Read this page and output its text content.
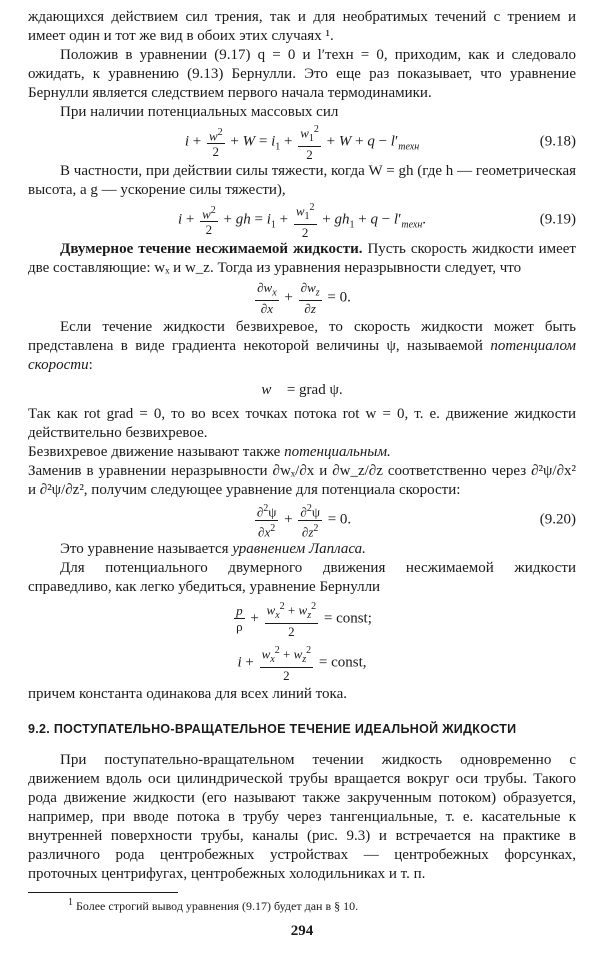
ждающихся действием сил трения, так и для необратимых течений с трением и имеет один и тот же вид в обоих этих случаях ¹.

Положив в уравнении (9.17) q = 0 и l′техн = 0, приходим, как и следовало ожидать, к уравнению (9.13) Бернулли. Это еще раз показывает, что уравнение Бернулли является следствием первого начала термодинамики.

При наличии потенциальных массовых сил

$i + \frac{w^2}{2} + W = i_1 + \frac{w_1^2}{2} + W + q - l'_{техн}$	(9.18)

В частности, при действии силы тяжести, когда W = gh (где h — геометрическая высота, а g — ускорение силы тяжести),

$i + \frac{w^2}{2}$ + gh = $i_1 + \frac{w_1^2}{2} + gh_1 + q - l'_{техн}$.	(9.19)

Двумерное течение несжимаемой жидкости. Пусть скорость жидкости имеет две составляющие: wₓ и w_z. Тогда из уравнения неразрывности следует, что

$\frac{\partial w_x}{\partial x} + \frac{\partial w_z}{\partial z} = 0$.

Если течение жидкости безвихревое, то скорость жидкости может быть представлена в виде градиента некоторой величины ψ, называемой потенциалом скорости:

w⃗ = grad ψ.

Так как rot grad = 0, то во всех точках потока rot w = 0, т. е. движение жидкости действительно безвихревое.

Безвихревое движение называют также потенциальным.

Заменив в уравнении неразрывности ∂wₓ/∂x и ∂w_z/∂z соответственно через ∂²ψ/∂x² и ∂²ψ/∂z², получим следующее уравнение для потенциала скорости:

$\frac{\partial^2\psi}{\partial x^2} + \frac{\partial^2\psi}{\partial z^2} = 0$.	(9.20)

Это уравнение называется уравнением Лапласа.

Для потенциального двумерного движения несжимаемой жидкости справедливо, как легко убедиться, уравнение Бернулли

$\frac{p}{\rho} + \frac{w_x^2 + w_z^2}{2}$ = const;
$i + \frac{w_x^2 + w_z^2}{2}$ = const,

причем константа одинакова для всех линий тока.

9.2. ПОСТУПАТЕЛЬНО-ВРАЩАТЕЛЬНОЕ ТЕЧЕНИЕ ИДЕАЛЬНОЙ ЖИДКОСТИ

При поступательно-вращательном течении жидкость одновременно с движением вдоль оси цилиндрической трубы вращается вокруг оси трубы. Такого рода движение жидкости (его называют также закрученным потоком) образуется, например, при вводе потока в трубу через тангенциальные, т. е. касательные к внутренней поверхности трубы, каналы (рис. 9.3) и встречается на практике в различного рода центробежных устройствах — центробежных форсунках, проточных центрифугах, центробежных холодильниках и т. п.

$^1$ Более строгий вывод уравнения (9.17) будет дан в § 10.
294
